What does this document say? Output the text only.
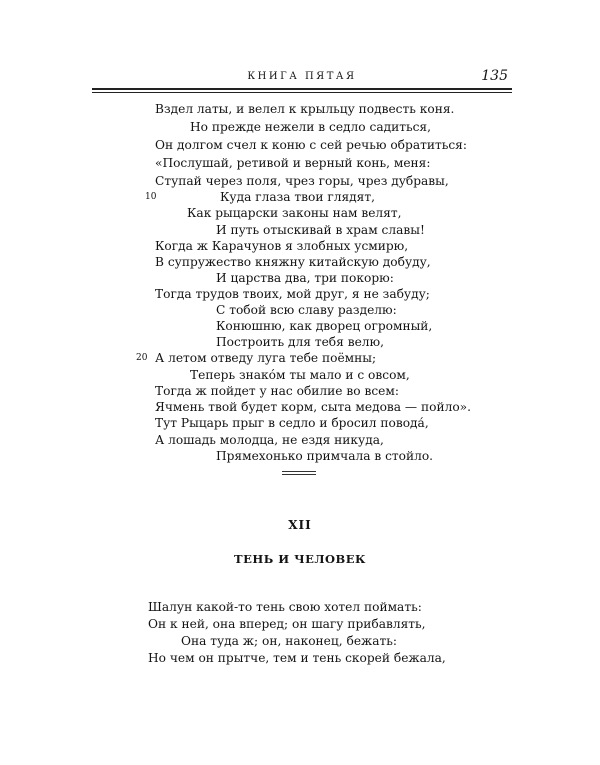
КНИГА ПЯТАЯ	135
Вздел латы, и велел к крыльцу подвесть коня.
Но прежде нежели в седло садиться,
Он долгом счел к коню с сей речью обратиться:
«Послушай, ретивой и верный конь, меня:
Ступай через поля, чрез горы, чрез дубравы,
Куда глаза твои глядят,
Как рыцарски законы нам велят,
И путь отыскивай в храм славы!
Когда ж Карачунов я злобных усмирю,
В супружество княжну китайскую добуду,
И царства два, три покорю:
Тогда трудов твоих, мой друг, я не забуду;
С тобой всю славу разделю:
Конюшню, как дворец огромный,
Построить для тебя велю,
А летом отведу луга тебе поёмны;
Теперь знакóм ты мало и с овсом,
Тогда ж пойдет у нас обилие во всем:
Ячмень твой будет корм, сыта медова — пойло».
Тут Рыцарь прыг в седло и бросил повода́,
А лошадь молодца, не ездя никуда,
Прямехонько примчала в стойло.
10
20
XII
ТЕНЬ И ЧЕЛОВЕК
Шалун какой-то тень свою хотел поймать:
Он к ней, она вперед; он шагу прибавлять,
Она туда ж; он, наконец, бежать:
Но чем он прытче, тем и тень скорей бежала,
